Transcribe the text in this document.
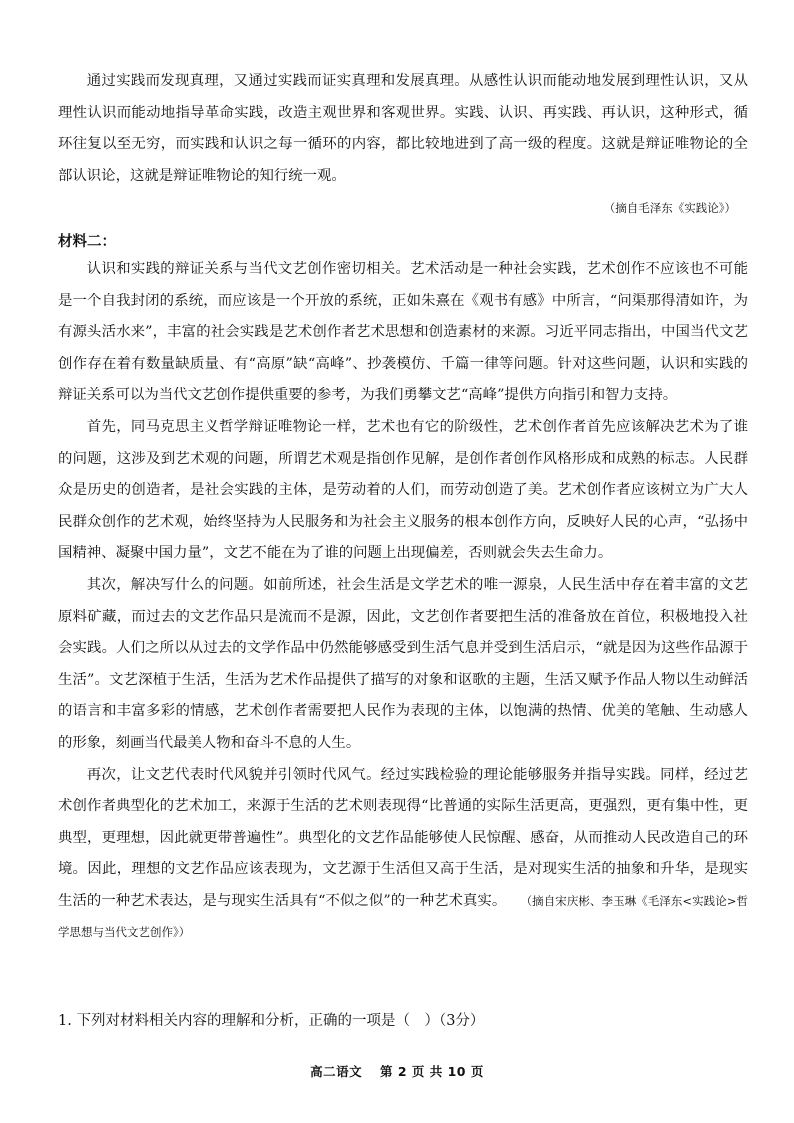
通过实践而发现真理，又通过实践而证实真理和发展真理。从感性认识而能动地发展到理性认识，又从理性认识而能动地指导革命实践，改造主观世界和客观世界。实践、认识、再实践、再认识，这种形式，循环往复以至无穷，而实践和认识之每一循环的内容，都比较地进到了高一级的程度。这就是辩证唯物论的全部认识论，这就是辩证唯物论的知行统一观。

（摘自毛泽东《实践论》）
材料二：

认识和实践的辩证关系与当代文艺创作密切相关。艺术活动是一种社会实践，艺术创作不应该也不可能是一个自我封闭的系统，而应该是一个开放的系统，正如朱熹在《观书有感》中所言，“问渠那得清如许，为有源头活水来”，丰富的社会实践是艺术创作者艺术思想和创造素材的来源。习近平同志指出，中国当代文艺创作存在着有数量缺质量、有“高原”缺“高峰”、抄袭模仿、千篇一律等问题。针对这些问题，认识和实践的辩证关系可以为当代文艺创作提供重要的参考，为我们勇攀文艺“高峰”提供方向指引和智力支持。

首先，同马克思主义哲学辩证唯物论一样，艺术也有它的阶级性，艺术创作者首先应该解决艺术为了谁的问题，这涉及到艺术观的问题，所谓艺术观是指创作见解，是创作者创作风格形成和成熟的标志。人民群众是历史的创造者，是社会实践的主体，是劳动着的人们，而劳动创造了美。艺术创作者应该树立为广大人民群众创作的艺术观，始终坚持为人民服务和为社会主义服务的根本创作方向，反映好人民的心声，“弘扬中国精神、凝聚中国力量”，文艺不能在为了谁的问题上出现偏差，否则就会失去生命力。

其次，解决写什么的问题。如前所述，社会生活是文学艺术的唯一源泉，人民生活中存在着丰富的文艺原料矿藏，而过去的文艺作品只是流而不是源，因此，文艺创作者要把生活的准备放在首位，积极地投入社会实践。人们之所以从过去的文学作品中仍然能够感受到生活气息并受到生活启示，“就是因为这些作品源于生活”。文艺深植于生活，生活为艺术作品提供了描写的对象和讴歌的主题，生活又赋予作品人物以生动鲜活的语言和丰富多彩的情感，艺术创作者需要把人民作为表现的主体，以饱满的热情、优美的笔触、生动感人的形象，刻画当代最美人物和奋斗不息的人生。

再次，让文艺代表时代风貌并引领时代风气。经过实践检验的理论能够服务并指导实践。同样，经过艺术创作者典型化的艺术加工，来源于生活的艺术则表现得“比普通的实际生活更高，更强烈，更有集中性，更典型，更理想，因此就更带普遍性”。典型化的文艺作品能够使人民惊醒、感奋，从而推动人民改造自己的环境。因此，理想的文艺作品应该表现为，文艺源于生活但又高于生活，是对现实生活的抽象和升华，是现实生活的一种艺术表达，是与现实生活具有“不似之似”的一种艺术真实。 （摘自宋庆彬、李玉琳《毛泽东<实践论>哲学思想与当代文艺创作》）

1. 下列对材料相关内容的理解和分析，正确的一项是（　）（3分）
高二语文　 第 2 页 共 10 页
